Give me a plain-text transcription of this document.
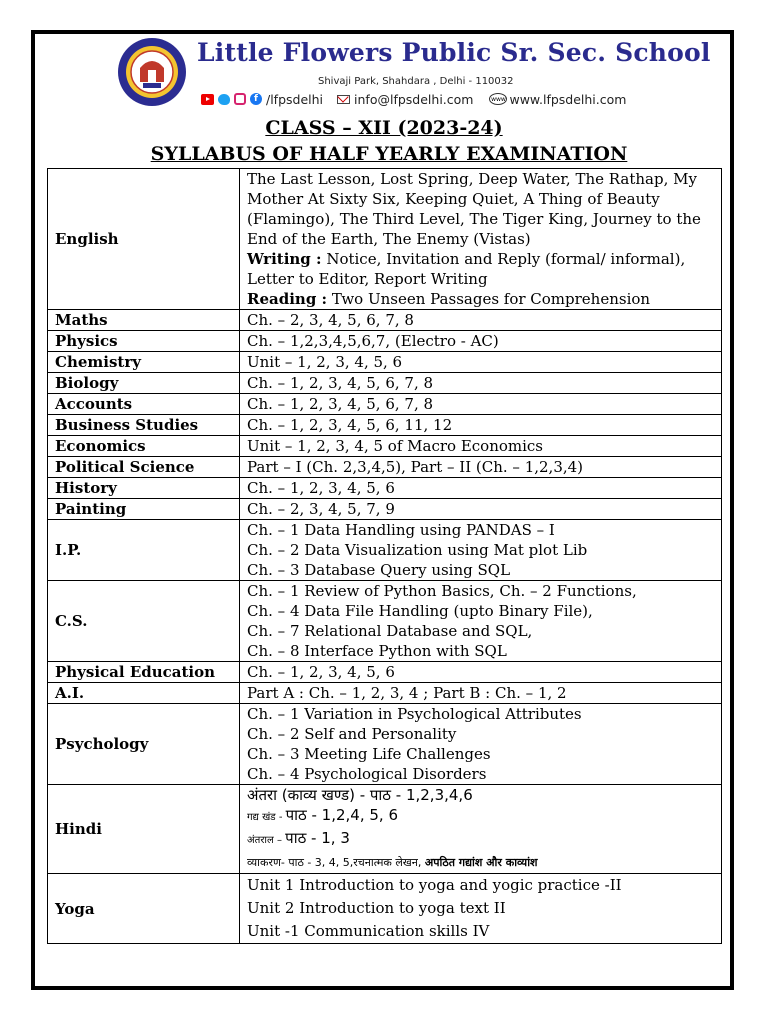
Little Flowers Public Sr. Sec. School
Shivaji Park, Shahdara , Delhi - 110032
f /lfpsdelhi info@lfpsdelhi.com	www www.lfpsdelhi.com
CLASS – XII (2023-24)
SYLLABUS OF HALF YEARLY EXAMINATION
English	The Last Lesson, Lost Spring, Deep Water, The Rathap, My Mother At Sixty Six, Keeping Quiet, A Thing of Beauty (Flamingo), The Third Level, The Tiger King, Journey to the End of the Earth, The Enemy (Vistas)
Writing : Notice, Invitation and Reply (formal/ informal), Letter to Editor, Report Writing
Reading : Two Unseen Passages for Comprehension

Maths	Ch. – 2, 3, 4, 5, 6, 7, 8
Physics	Ch. – 1,2,3,4,5,6,7, (Electro - AC)
Chemistry	Unit – 1, 2, 3, 4, 5, 6
Biology	Ch. – 1, 2, 3, 4, 5, 6, 7, 8
Accounts	Ch. – 1, 2, 3, 4, 5, 6, 7, 8
Business Studies	Ch. – 1, 2, 3, 4, 5, 6, 11, 12
Economics	Unit – 1, 2, 3, 4, 5 of Macro Economics
Political Science	Part – I (Ch. 2,3,4,5), Part – II (Ch. – 1,2,3,4)
History	Ch. – 1, 2, 3, 4, 5, 6
Painting	Ch. – 2, 3, 4, 5, 7, 9
I.P.	Ch. – 1 Data Handling using PANDAS – I
Ch. – 2 Data Visualization using Mat plot Lib
Ch. – 3 Database Query using SQL

C.S.	Ch. – 1 Review of Python Basics, Ch. – 2 Functions,
Ch. – 4 Data File Handling (upto Binary File),
Ch. – 7 Relational Database and SQL,
Ch. – 8 Interface Python with SQL

Physical Education	Ch. – 1, 2, 3, 4, 5, 6
A.I.	Part A : Ch. – 1, 2, 3, 4 ; Part B : Ch. – 1, 2
Psychology	Ch. – 1 Variation in Psychological Attributes
Ch. – 2 Self and Personality
Ch. – 3 Meeting Life Challenges
Ch. – 4 Psychological Disorders

Hindi	अंतरा (काव्य खण्ड) - पाठ - 1,2,3,4,6
गद्य खंड - पाठ - 1,2,4, 5, 6
अंतराल – पाठ - 1, 3
व्याकरण- पाठ - 3, 4, 5,रचनात्मक लेखन, अपठित गद्यांश और काव्यांश

Yoga	Unit 1 Introduction to yoga and yogic practice -II
Unit 2 Introduction to yoga text II
Unit -1 Communication skills IV
